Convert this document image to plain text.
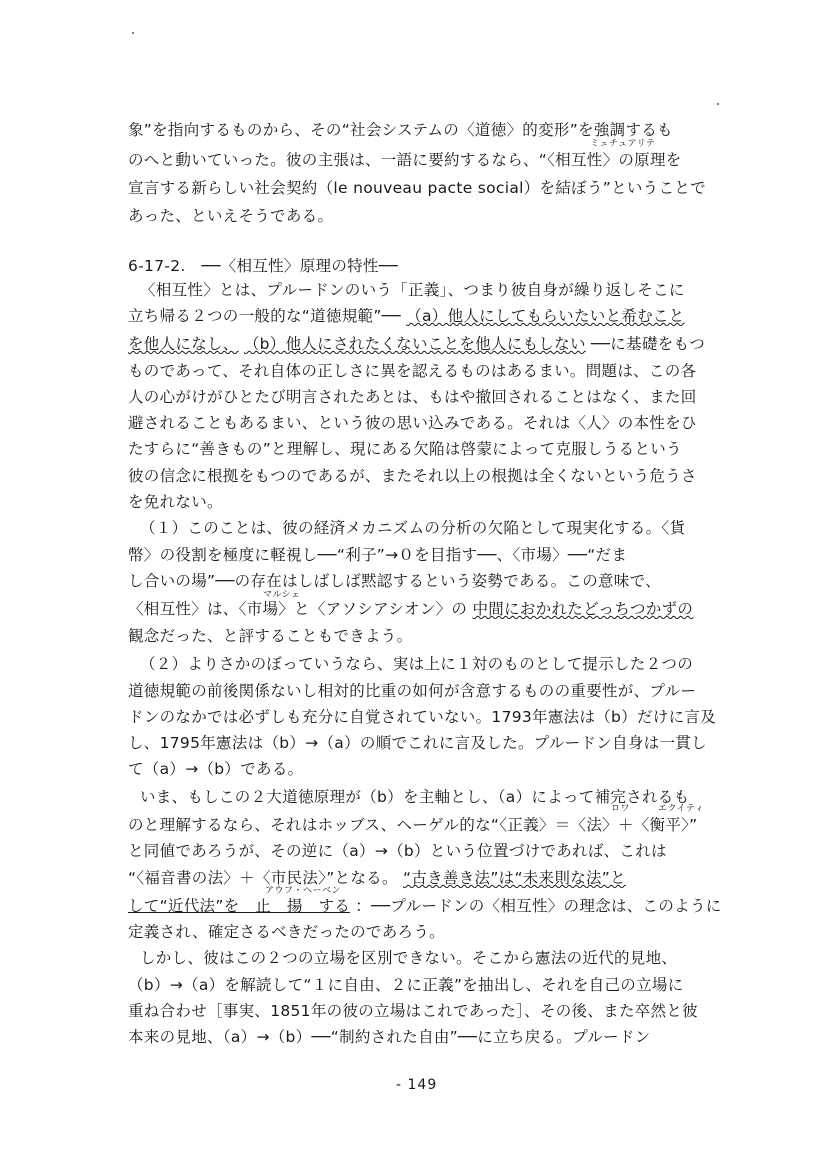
象”を指向するものから、その“社会システムの〈道徳〉的変形”を強調するも
ミュチュアリテ
のへと動いていった。彼の主張は、一語に要約するなら、“〈相互性〉の原理を
宣言する新らしい社会契約（le nouveau pacte social）を結ぼう”ということで
あった、といえそうである。
6-17-2.　──〈相互性〉原理の特性──
〈相互性〉とは、プルードンのいう「正義」、つまり彼自身が繰り返しそこに
立ち帰る２つの一般的な“道徳規範”── （a）他人にしてもらいたいと希むこと
を他人になし、 （b）他人にされたくないことを他人にもしない ──に基礎をもつ
ものであって、それ自体の正しさに異を認えるものはあるまい。問題は、この各
人の心がけがひとたび明言されたあとは、もはや撤回されることはなく、また回
避されることもあるまい、という彼の思い込みである。それは〈人〉の本性をひ
たすらに“善きもの”と理解し、現にある欠陥は啓蒙によって克服しうるという
彼の信念に根拠をもつのであるが、またそれ以上の根拠は全くないという危うさ
を免れない。
（１）このことは、彼の経済メカニズムの分析の欠陥として現実化する。〈貨
幣〉の役割を極度に軽視し──“利子”→０を目指す──、〈市場〉──“だま
し合いの場”──の存在はしばしば黙認するという姿勢である。この意味で、
マルシェ
〈相互性〉は、〈市場〉と〈アソシアシオン〉の 中間におかれたどっちつかずの
観念だった、と評することもできよう。
（２）よりさかのぼっていうなら、実は上に１対のものとして提示した２つの
道徳規範の前後関係ないし相対的比重の如何が含意するものの重要性が、プルー
ドンのなかでは必ずしも充分に自覚されていない。1793年憲法は（b）だけに言及
し、1795年憲法は（b）→（a）の順でこれに言及した。プルードン自身は一貫し
て（a）→（b）である。
いま、もしこの２大道徳原理が（b）を主軸とし、（a）によって補完されるも
ロワ	エクイティ
のと理解するなら、それはホッブス、ヘーゲル的な“〈正義〉＝〈法〉＋〈衡平〉”
と同値であろうが、その逆に（a）→（b）という位置づけであれば、これは
“〈福音書の法〉＋〈市民法〉”となる。 “古き善き法”は“未来則な法”と
アウフ・ヘーベン
して“近代法”を　止　揚　する ：──プルードンの〈相互性〉の理念は、このように
定義され、確定さるべきだったのであろう。
しかし、彼はこの２つの立場を区別できない。そこから憲法の近代的見地、
（b）→（a）を解読して“１に自由、２に正義”を抽出し、それを自己の立場に
重ね合わせ［事実、1851年の彼の立場はこれであった］、その後、また卒然と彼
本来の見地、（a）→（b）──“制約された自由”──に立ち戻る。プルードン
- 149
